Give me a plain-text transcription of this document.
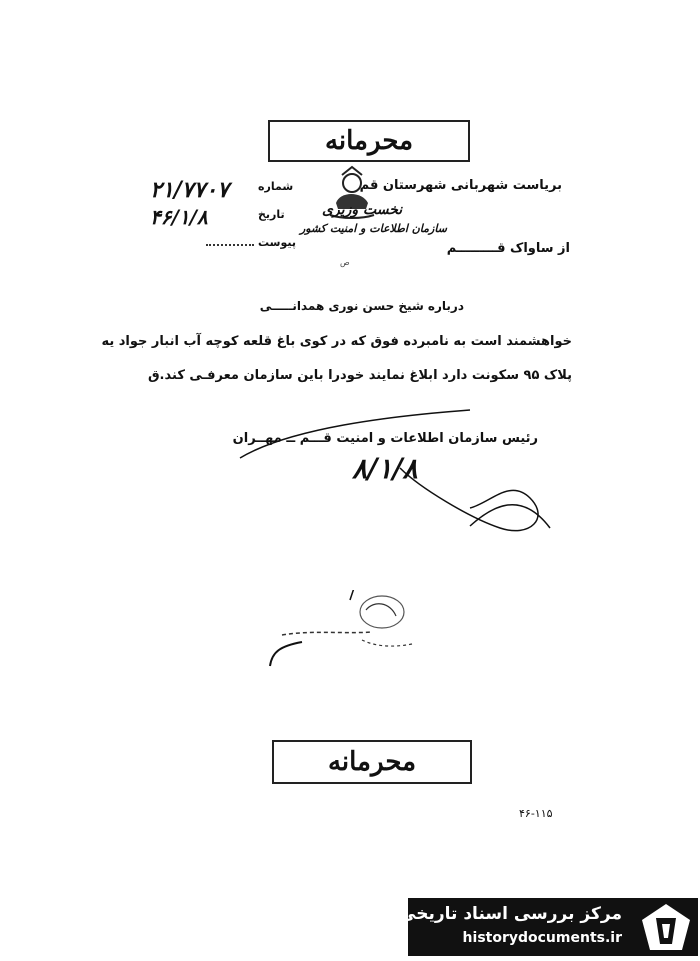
محرمانه
بریاست شهربانی شهرستان قم
شماره
تاریخ
پیوست
۲۱/۷۷۰۷
۴۶/۱/۸	نخست وزیری
سازمان اطلاعات و امنیت کشور
ص
از ساواک قـــــــــم
درباره شیخ حسن نوری همدانـــــی
خواهشمند است به نامبرده فوق که در کوی باغ قلعه کوچه آب انبار جواد یه
پلاک ۹۵ سکونت دارد ابلاغ نمایند خودرا باین سازمان معرفـی کند.ق
رئیس سازمان اطلاعات و امنیت قـــم ــ مهــران
۸/۱/۸
محرمانه
۴۶-۱۱۵
مرکز بررسی اسناد تاریخی
historydocuments.ir
